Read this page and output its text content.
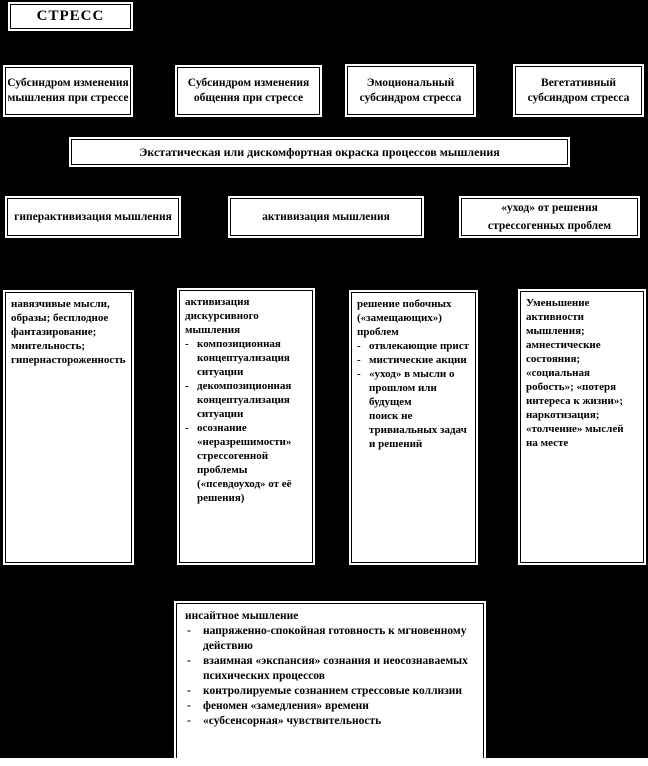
СТРЕСС
Субсиндром изменения мышления при стрессе
Субсиндром изменения общения при стрессе
Эмоциональный субсиндром стресса
Вегетативный субсиндром стресса
Экстатическая или дискомфортная окраска процессов мышления
гиперактивизация мышления	активизация мышления
«уход» от решения стрессогенных проблем
навязчивые мысли, образы; бесплодное фантазирование; мнительность; гипернастороженность
активизация дискурсивного мышления
- композиционная концептуализация ситуации
- декомпозиционная концептуализация ситуации
- осознание «неразрешимости» стрессогенной проблемы («псевдоуход» от её решения)
решение побочных («замещающих») проблем
- отвлекающие прист
- мистические акции
- «уход» в мысли о прошлом или будущем
поиск не тривиальных задач и решений
Уменьшение активности мышления; амнестические состояния; «социальная робость»; «потеря интереса к жизни»; наркотизация; «толчение» мыслей на месте
инсайтное мышление
-	напряженно-спокойная готовность к мгновенному действию
-	взаимная «экспансия» сознания и неосознаваемых психических процессов
-	контролируемые сознанием стрессовые коллизии
-	феномен «замедления» времени
-	«субсенсорная» чувствительность
